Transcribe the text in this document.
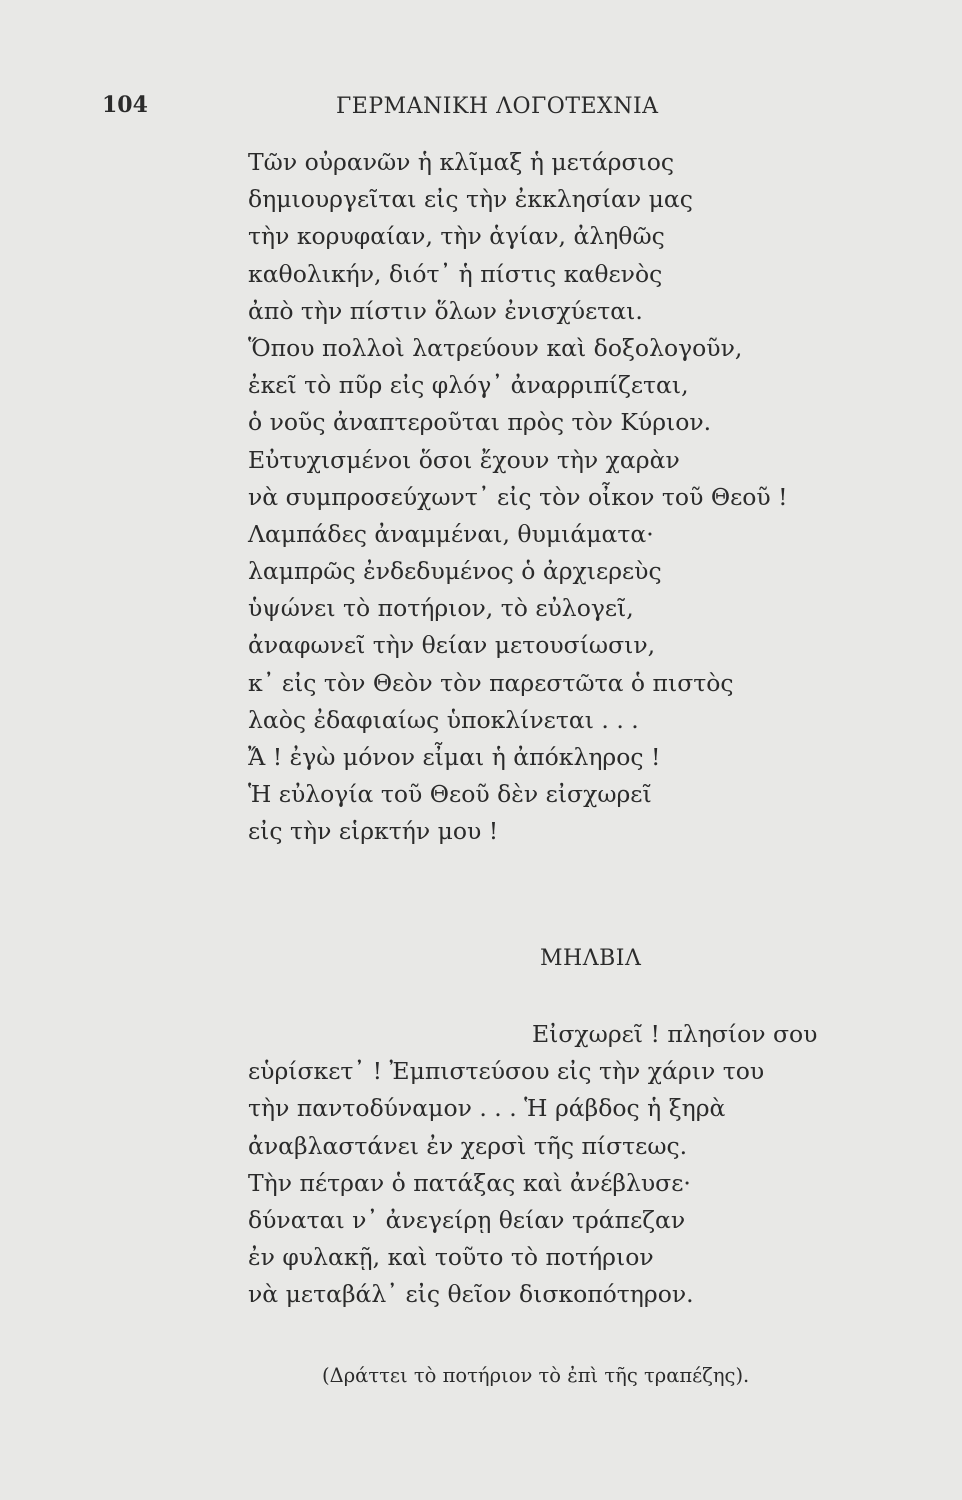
104	ΓΕΡΜΑΝΙΚΗ ΛΟΓΟΤΕΧΝΙΑ
Τῶν οὐρανῶν ἡ κλῖμαξ ἡ μετάρσιος
δημιουργεῖται εἰς τὴν ἐκκλησίαν μας
τὴν κορυφαίαν, τὴν ἁγίαν, ἀληθῶς
καθολικήν, διότ᾽ ἡ πίστις καθενὸς
ἀπὸ τὴν πίστιν ὅλων ἐνισχύεται.
Ὅπου πολλοὶ λατρεύουν καὶ δοξολογοῦν,
ἐκεῖ τὸ πῦρ εἰς φλόγ᾽ ἀναρριπίζεται,
ὁ νοῦς ἀναπτεροῦται πρὸς τὸν Κύριον.
Εὐτυχισμένοι ὅσοι ἔχουν τὴν χαρὰν
νὰ συμπροσεύχωντ᾽ εἰς τὸν οἶκον τοῦ Θεοῦ !
Λαμπάδες ἀναμμέναι, θυμιάματα·
λαμπρῶς ἐνδεδυμένος ὁ ἀρχιερεὺς
ὑψώνει τὸ ποτήριον, τὸ εὐλογεῖ,
ἀναφωνεῖ τὴν θείαν μετουσίωσιν,
κ᾽ εἰς τὸν Θεὸν τὸν παρεστῶτα ὁ πιστὸς
λαὸς ἐδαφιαίως ὑποκλίνεται . . .
Ἄ ! ἐγὼ μόνον εἶμαι ἡ ἀπόκληρος !
Ἡ εὐλογία τοῦ Θεοῦ δὲν εἰσχωρεῖ
εἰς τὴν εἱρκτήν μου !
ΜΗΛΒΙΛ
Εἰσχωρεῖ ! πλησίον σου
εὑρίσκετ᾽ ! Ἐμπιστεύσου εἰς τὴν χάριν του
τὴν παντοδύναμον . . . Ἡ ράβδος ἡ ξηρὰ
ἀναβλαστάνει ἐν χερσὶ τῆς πίστεως.
Τὴν πέτραν ὁ πατάξας καὶ ἀνέβλυσε·
δύναται ν᾽ ἀνεγείρῃ θείαν τράπεζαν
ἐν φυλακῇ, καὶ τοῦτο τὸ ποτήριον
νὰ μεταβάλ᾽ εἰς θεῖον δισκοπότηρον.
(Δράττει τὸ ποτήριον τὸ ἐπὶ τῆς τραπέζης).
